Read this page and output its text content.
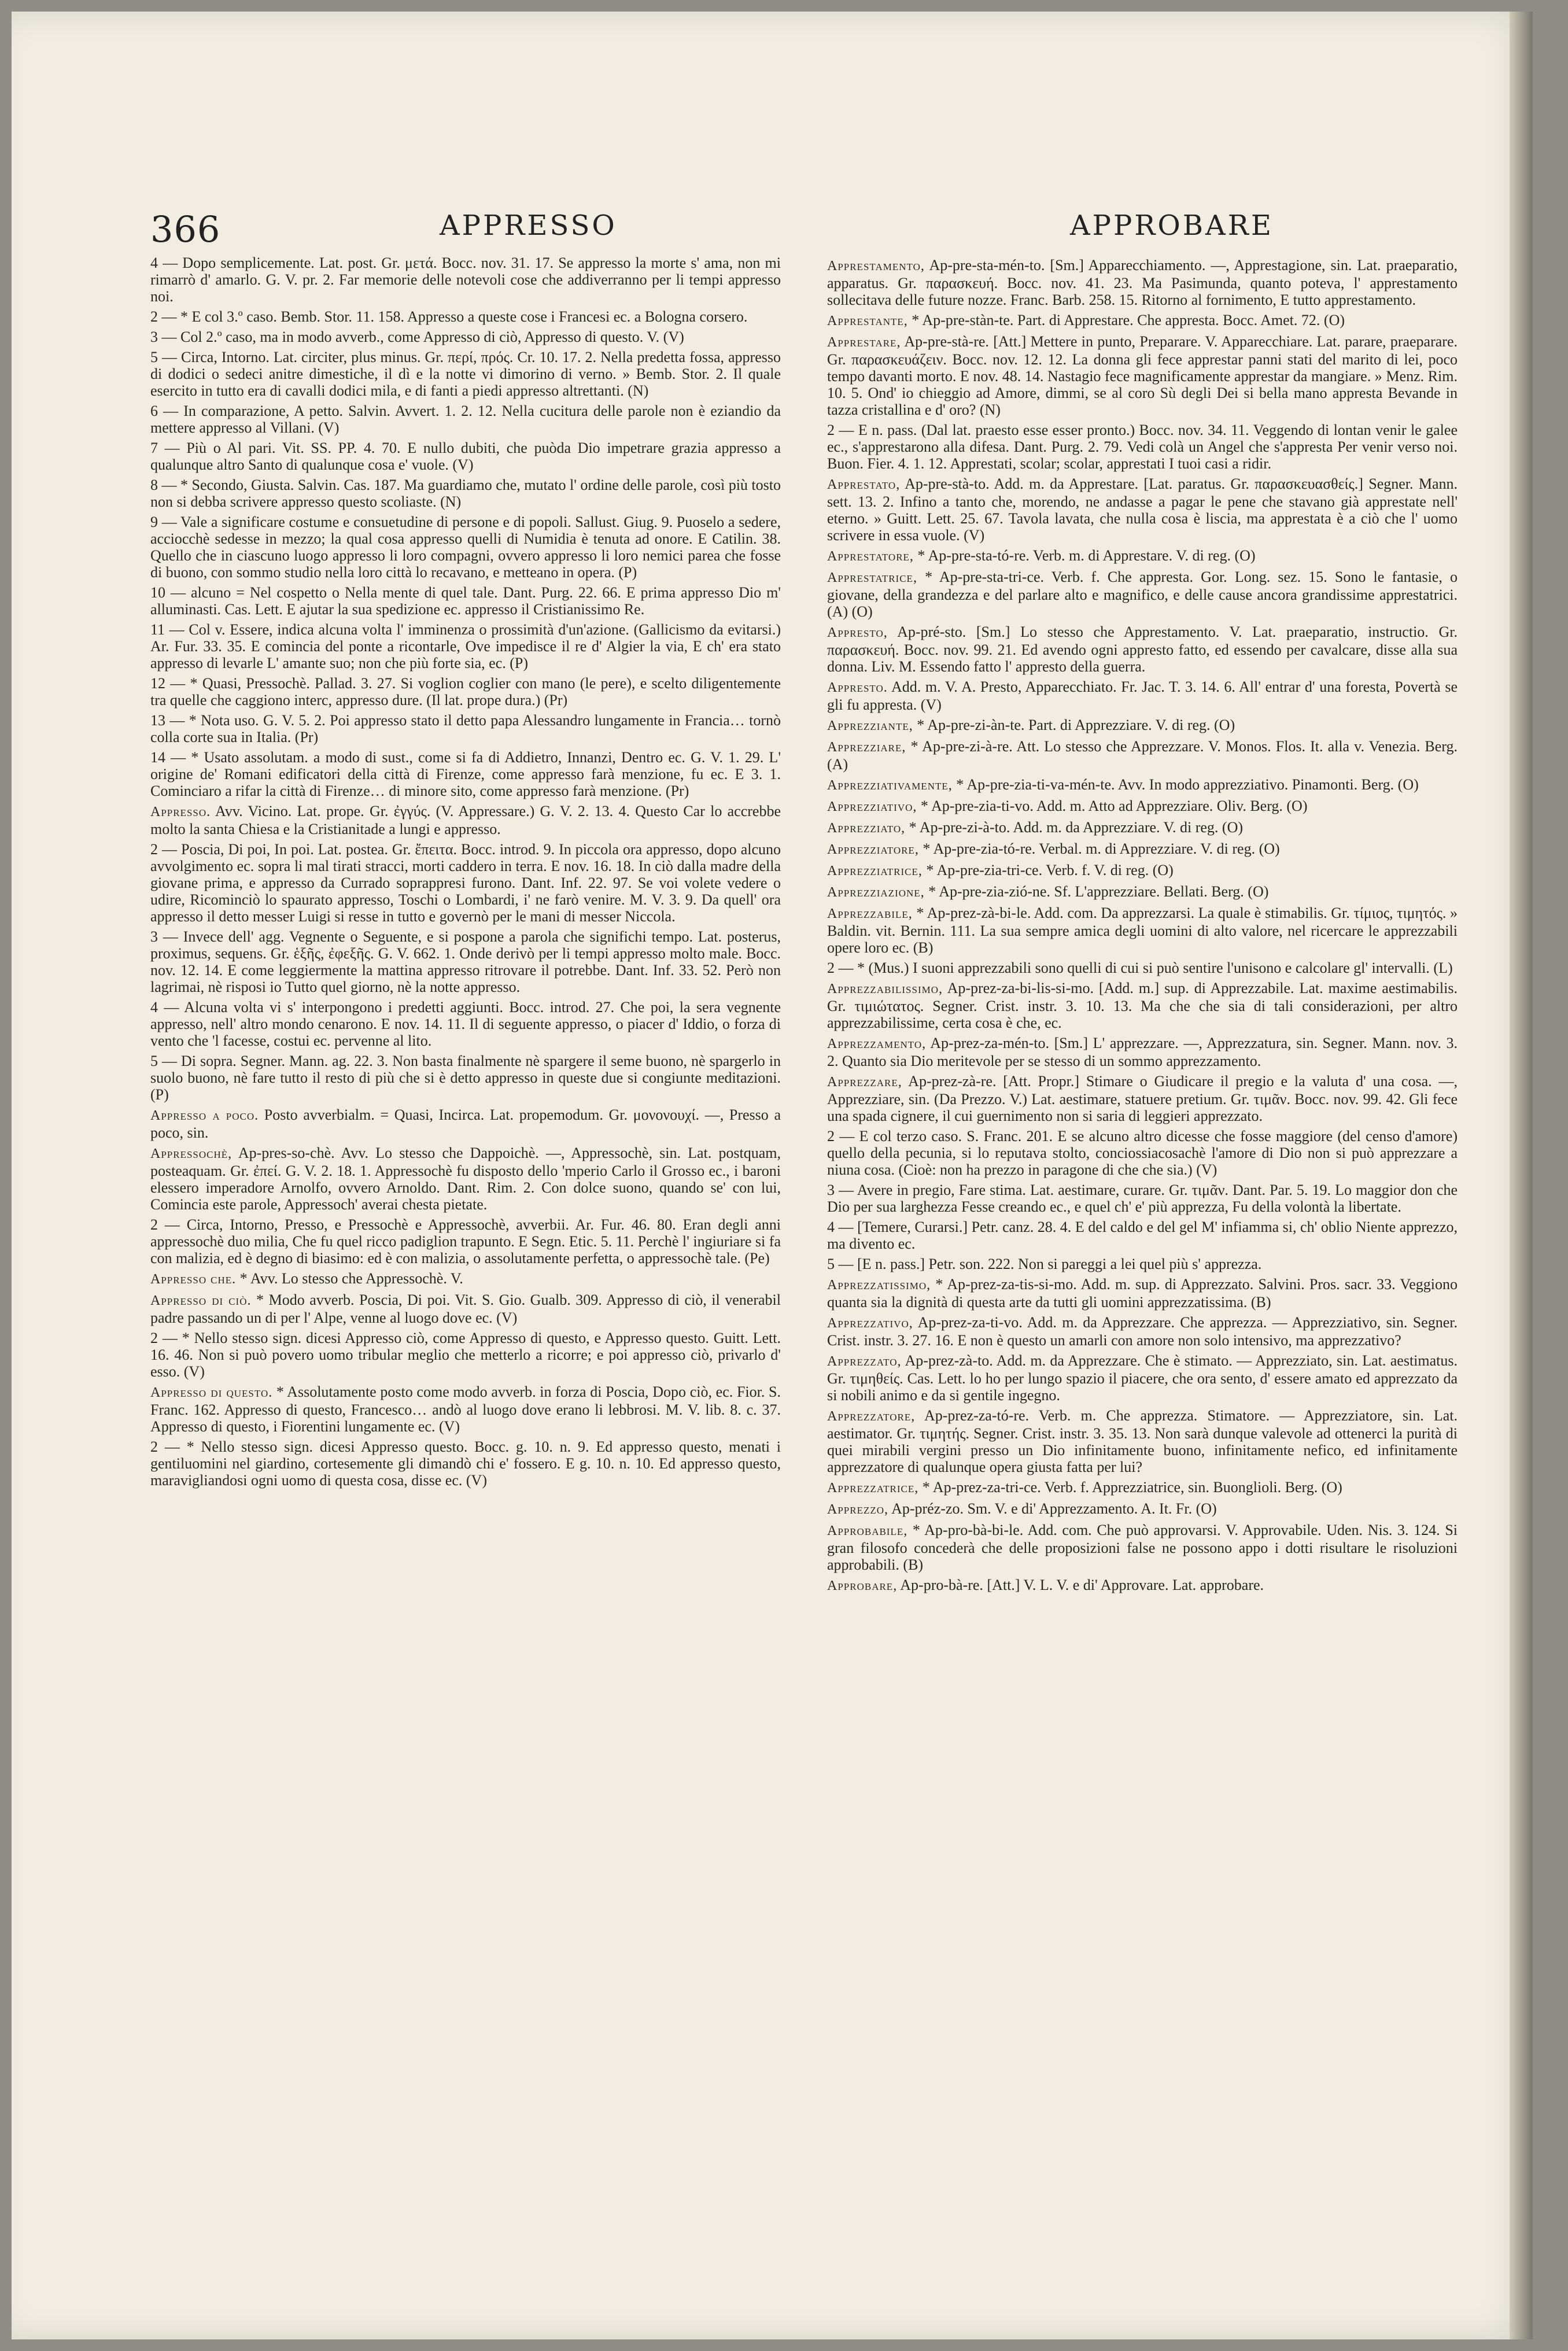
366	APPRESSO	APPROBARE

4 — Dopo semplicemente. Lat. post. Gr. μετά. Bocc. nov. 31. 17. Se appresso la morte s' ama, non mi rimarrò d' amarlo. G. V. pr. 2. Far memorie delle notevoli cose che addiverranno per li tempi appresso noi.

2 — * E col 3.º caso. Bemb. Stor. 11. 158. Appresso a queste cose i Francesi ec. a Bologna corsero.

3 — Col 2.º caso, ma in modo avverb., come Appresso di ciò, Appresso di questo. V. (V)

5 — Circa, Intorno. Lat. circiter, plus minus. Gr. περί, πρός. Cr. 10. 17. 2. Nella predetta fossa, appresso di dodici o sedeci anitre dimestiche, il dì e la notte vi dimorino di verno. » Bemb. Stor. 2. Il quale esercito in tutto era di cavalli dodici mila, e di fanti a piedi appresso altrettanti. (N)

6 — In comparazione, A petto. Salvin. Avvert. 1. 2. 12. Nella cucitura delle parole non è eziandio da mettere appresso al Villani. (V)

7 — Più o Al pari. Vit. SS. PP. 4. 70. E nullo dubiti, che puòda Dio impetrare grazia appresso a qualunque altro Santo di qualunque cosa e' vuole. (V)

8 — * Secondo, Giusta. Salvin. Cas. 187. Ma guardiamo che, mutato l' ordine delle parole, così più tosto non si debba scrivere appresso questo scoliaste. (N)

9 — Vale a significare costume e consuetudine di persone e di popoli. Sallust. Giug. 9. Puoselo a sedere, acciocchè sedesse in mezzo; la qual cosa appresso quelli di Numidia è tenuta ad onore. E Catilin. 38. Quello che in ciascuno luogo appresso li loro compagni, ovvero appresso li loro nemici parea che fosse di buono, con sommo studio nella loro città lo recavano, e metteano in opera. (P)

10 — alcuno = Nel cospetto o Nella mente di quel tale. Dant. Purg. 22. 66. E prima appresso Dio m' alluminasti. Cas. Lett. E ajutar la sua spedizione ec. appresso il Cristianissimo Re.

11 — Col v. Essere, indica alcuna volta l' imminenza o prossimità d'un'azione. (Gallicismo da evitarsi.) Ar. Fur. 33. 35. E comincia del ponte a ricontarle, Ove impedisce il re d' Algier la via, E ch' era stato appresso di levarle L' amante suo; non che più forte sia, ec. (P)

12 — * Quasi, Pressochè. Pallad. 3. 27. Si voglion coglier con mano (le pere), e scelto diligentemente tra quelle che caggiono interc, appresso dure. (Il lat. prope dura.) (Pr)

13 — * Nota uso. G. V. 5. 2. Poi appresso stato il detto papa Alessandro lungamente in Francia… tornò colla corte sua in Italia. (Pr)

14 — * Usato assolutam. a modo di sust., come si fa di Addietro, Innanzi, Dentro ec. G. V. 1. 29. L' origine de' Romani edificatori della città di Firenze, come appresso farà menzione, fu ec. E 3. 1. Cominciaro a rifar la città di Firenze… di minore sito, come appresso farà menzione. (Pr)

Appresso. Avv. Vicino. Lat. prope. Gr. ἐγγύς. (V. Appressare.) G. V. 2. 13. 4. Questo Car lo accrebbe molto la santa Chiesa e la Cristianitade a lungi e appresso.

2 — Poscia, Di poi, In poi. Lat. postea. Gr. ἔπειτα. Bocc. introd. 9. In piccola ora appresso, dopo alcuno avvolgimento ec. sopra li mal tirati stracci, morti caddero in terra. E nov. 16. 18. In ciò dalla madre della giovane prima, e appresso da Currado soprappresi furono. Dant. Inf. 22. 97. Se voi volete vedere o udire, Ricominciò lo spaurato appresso, Toschi o Lombardi, i' ne farò venire. M. V. 3. 9. Da quell' ora appresso il detto messer Luigi si resse in tutto e governò per le mani di messer Niccola.

3 — Invece dell' agg. Vegnente o Seguente, e si pospone a parola che significhi tempo. Lat. posterus, proximus, sequens. Gr. ἑξῆς, ἐφεξῆς. G. V. 662. 1. Onde derivò per li tempi appresso molto male. Bocc. nov. 12. 14. E come leggiermente la mattina appresso ritrovare il potrebbe. Dant. Inf. 33. 52. Però non lagrimai, nè risposi io Tutto quel giorno, nè la notte appresso.

4 — Alcuna volta vi s' interpongono i predetti aggiunti. Bocc. introd. 27. Che poi, la sera vegnente appresso, nell' altro mondo cenarono. E nov. 14. 11. Il di seguente appresso, o piacer d' Iddio, o forza di vento che 'l facesse, costui ec. pervenne al lito.

5 — Di sopra. Segner. Mann. ag. 22. 3. Non basta finalmente nè spargere il seme buono, nè spargerlo in suolo buono, nè fare tutto il resto di più che si è detto appresso in queste due si congiunte meditazioni. (P)

Appresso a poco. Posto avverbialm. = Quasi, Incirca. Lat. propemodum. Gr. μονονουχί. —, Presso a poco, sin.

Appressochè, Ap-pres-so-chè. Avv. Lo stesso che Dappoichè. —, Appressochè, sin. Lat. postquam, posteaquam. Gr. ἐπεί. G. V. 2. 18. 1. Appressochè fu disposto dello 'mperio Carlo il Grosso ec., i baroni elessero imperadore Arnolfo, ovvero Arnoldo. Dant. Rim. 2. Con dolce suono, quando se' con lui, Comincia este parole, Appressoch' averai chesta pietate.

2 — Circa, Intorno, Presso, e Pressochè e Appressochè, avverbii. Ar. Fur. 46. 80. Eran degli anni appressochè duo milia, Che fu quel ricco padiglion trapunto. E Segn. Etic. 5. 11. Perchè l' ingiuriare si fa con malizia, ed è degno di biasimo: ed è con malizia, o assolutamente perfetta, o appressochè tale. (Pe)

Appresso che. * Avv. Lo stesso che Appressochè. V.

Appresso di ciò. * Modo avverb. Poscia, Di poi. Vit. S. Gio. Gualb. 309. Appresso di ciò, il venerabil padre passando un di per l' Alpe, venne al luogo dove ec. (V)

2 — * Nello stesso sign. dicesi Appresso ciò, come Appresso di questo, e Appresso questo. Guitt. Lett. 16. 46. Non si può povero uomo tribular meglio che metterlo a ricorre; e poi appresso ciò, privarlo d' esso. (V)

Appresso di questo. * Assolutamente posto come modo avverb. in forza di Poscia, Dopo ciò, ec. Fior. S. Franc. 162. Appresso di questo, Francesco… andò al luogo dove erano li lebbrosi. M. V. lib. 8. c. 37. Appresso di questo, i Fiorentini lungamente ec. (V)

2 — * Nello stesso sign. dicesi Appresso questo. Bocc. g. 10. n. 9. Ed appresso questo, menati i gentiluomini nel giardino, cortesemente gli dimandò chi e' fossero. E g. 10. n. 10. Ed appresso questo, maravigliandosi ogni uomo di questa cosa, disse ec. (V)

Apprestamento, Ap-pre-sta-mén-to. [Sm.] Apparecchiamento. —, Apprestagione, sin. Lat. praeparatio, apparatus. Gr. παρασκευή. Bocc. nov. 41. 23. Ma Pasimunda, quanto poteva, l' apprestamento sollecitava delle future nozze. Franc. Barb. 258. 15. Ritorno al fornimento, E tutto apprestamento.

Apprestante, * Ap-pre-stàn-te. Part. di Apprestare. Che appresta. Bocc. Amet. 72. (O)

Apprestare, Ap-pre-stà-re. [Att.] Mettere in punto, Preparare. V. Apparecchiare. Lat. parare, praeparare. Gr. παρασκευάζειν. Bocc. nov. 12. 12. La donna gli fece apprestar panni stati del marito di lei, poco tempo davanti morto. E nov. 48. 14. Nastagio fece magnificamente apprestar da mangiare. » Menz. Rim. 10. 5. Ond' io chieggio ad Amore, dimmi, se al coro Sù degli Dei si bella mano appresta Bevande in tazza cristallina e d' oro? (N)

2 — E n. pass. (Dal lat. praesto esse esser pronto.) Bocc. nov. 34. 11. Veggendo di lontan venir le galee ec., s'apprestarono alla difesa. Dant. Purg. 2. 79. Vedi colà un Angel che s'appresta Per venir verso noi. Buon. Fier. 4. 1. 12. Apprestati, scolar; scolar, apprestati I tuoi casi a ridir.

Apprestato, Ap-pre-stà-to. Add. m. da Apprestare. [Lat. paratus. Gr. παρασκευασθείς.] Segner. Mann. sett. 13. 2. Infino a tanto che, morendo, ne andasse a pagar le pene che stavano già apprestate nell' eterno. » Guitt. Lett. 25. 67. Tavola lavata, che nulla cosa è liscia, ma apprestata è a ciò che l' uomo scrivere in essa vuole. (V)

Apprestatore, * Ap-pre-sta-tó-re. Verb. m. di Apprestare. V. di reg. (O)

Apprestatrice, * Ap-pre-sta-tri-ce. Verb. f. Che appresta. Gor. Long. sez. 15. Sono le fantasie, o giovane, della grandezza e del parlare alto e magnifico, e delle cause ancora grandissime apprestatrici. (A) (O)

Appresto, Ap-pré-sto. [Sm.] Lo stesso che Apprestamento. V. Lat. praeparatio, instructio. Gr. παρασκευή. Bocc. nov. 99. 21. Ed avendo ogni appresto fatto, ed essendo per cavalcare, disse alla sua donna. Liv. M. Essendo fatto l' appresto della guerra.

Appresto. Add. m. V. A. Presto, Apparecchiato. Fr. Jac. T. 3. 14. 6. All' entrar d' una foresta, Povertà se gli fu appresta. (V)

Apprezziante, * Ap-pre-zi-àn-te. Part. di Apprezziare. V. di reg. (O)

Apprezziare, * Ap-pre-zi-à-re. Att. Lo stesso che Apprezzare. V. Monos. Flos. It. alla v. Venezia. Berg. (A)

Apprezziativamente, * Ap-pre-zia-ti-va-mén-te. Avv. In modo apprezziativo. Pinamonti. Berg. (O)

Apprezziativo, * Ap-pre-zia-ti-vo. Add. m. Atto ad Apprezziare. Oliv. Berg. (O)

Apprezziato, * Ap-pre-zi-à-to. Add. m. da Apprezziare. V. di reg. (O)

Apprezziatore, * Ap-pre-zia-tó-re. Verbal. m. di Apprezziare. V. di reg. (O)

Apprezziatrice, * Ap-pre-zia-tri-ce. Verb. f. V. di reg. (O)

Apprezziazione, * Ap-pre-zia-zió-ne. Sf. L'apprezziare. Bellati. Berg. (O)

Apprezzabile, * Ap-prez-zà-bi-le. Add. com. Da apprezzarsi. La quale è stimabilis. Gr. τίμιος, τιμητός. » Baldin. vit. Bernin. 111. La sua sempre amica degli uomini di alto valore, nel ricercare le apprezzabili opere loro ec. (B)

2 — * (Mus.) I suoni apprezzabili sono quelli di cui si può sentire l'unisono e calcolare gl' intervalli. (L)

Apprezzabilissimo, Ap-prez-za-bi-lis-si-mo. [Add. m.] sup. di Apprezzabile. Lat. maxime aestimabilis. Gr. τιμιώτατος. Segner. Crist. instr. 3. 10. 13. Ma che che sia di tali considerazioni, per altro apprezzabilissime, certa cosa è che, ec.

Apprezzamento, Ap-prez-za-mén-to. [Sm.] L' apprezzare. —, Apprezzatura, sin. Segner. Mann. nov. 3. 2. Quanto sia Dio meritevole per se stesso di un sommo apprezzamento.

Apprezzare, Ap-prez-zà-re. [Att. Propr.] Stimare o Giudicare il pregio e la valuta d' una cosa. —, Apprezziare, sin. (Da Prezzo. V.) Lat. aestimare, statuere pretium. Gr. τιμᾶν. Bocc. nov. 99. 42. Gli fece una spada cignere, il cui guernimento non si saria di leggieri apprezzato.

2 — E col terzo caso. S. Franc. 201. E se alcuno altro dicesse che fosse maggiore (del censo d'amore) quello della pecunia, si lo reputava stolto, conciossiacosachè l'amore di Dio non si può apprezzare a niuna cosa. (Cioè: non ha prezzo in paragone di che che sia.) (V)

3 — Avere in pregio, Fare stima. Lat. aestimare, curare. Gr. τιμᾶν. Dant. Par. 5. 19. Lo maggior don che Dio per sua larghezza Fesse creando ec., e quel ch' e' più apprezza, Fu della volontà la libertate.

4 — [Temere, Curarsi.] Petr. canz. 28. 4. E del caldo e del gel M' infiamma si, ch' oblio Niente apprezzo, ma divento ec.

5 — [E n. pass.] Petr. son. 222. Non si pareggi a lei quel più s' apprezza.

Apprezzatissimo, * Ap-prez-za-tis-si-mo. Add. m. sup. di Apprezzato. Salvini. Pros. sacr. 33. Veggiono quanta sia la dignità di questa arte da tutti gli uomini apprezzatissima. (B)

Apprezzativo, Ap-prez-za-ti-vo. Add. m. da Apprezzare. Che apprezza. — Apprezziativo, sin. Segner. Crist. instr. 3. 27. 16. E non è questo un amarli con amore non solo intensivo, ma apprezzativo?

Apprezzato, Ap-prez-zà-to. Add. m. da Apprezzare. Che è stimato. — Apprezziato, sin. Lat. aestimatus. Gr. τιμηθείς. Cas. Lett. lo ho per lungo spazio il piacere, che ora sento, d' essere amato ed apprezzato da si nobili animo e da si gentile ingegno.

Apprezzatore, Ap-prez-za-tó-re. Verb. m. Che apprezza. Stimatore. — Apprezziatore, sin. Lat. aestimator. Gr. τιμητής. Segner. Crist. instr. 3. 35. 13. Non sarà dunque valevole ad ottenerci la purità di quei mirabili vergini presso un Dio infinitamente buono, infinitamente nefico, ed infinitamente apprezzatore di qualunque opera giusta fatta per lui?

Apprezzatrice, * Ap-prez-za-tri-ce. Verb. f. Apprezziatrice, sin. Buonglioli. Berg. (O)

Apprezzo, Ap-préz-zo. Sm. V. e di' Apprezzamento. A. It. Fr. (O)

Approbabile, * Ap-pro-bà-bi-le. Add. com. Che può approvarsi. V. Approvabile. Uden. Nis. 3. 124. Si gran filosofo concederà che delle proposizioni false ne possono appo i dotti risultare le risoluzioni approbabili. (B)

Approbare, Ap-pro-bà-re. [Att.] V. L. V. e di' Approvare. Lat. approbare.
